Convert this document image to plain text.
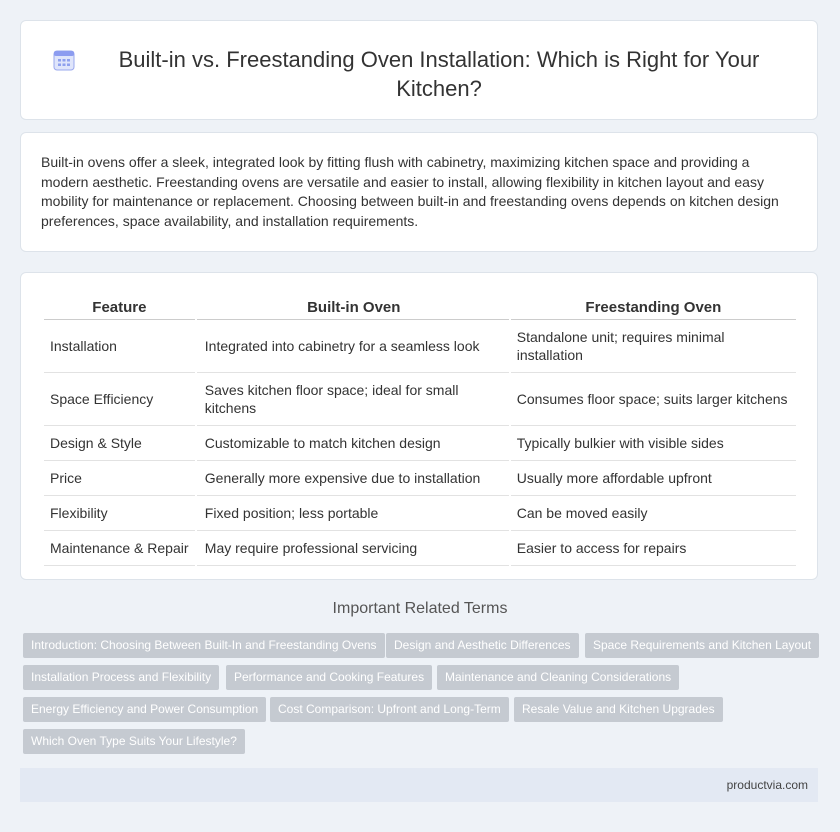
Built-in vs. Freestanding Oven Installation: Which is Right for Your Kitchen?

Built-in ovens offer a sleek, integrated look by fitting flush with cabinetry, maximizing kitchen space and providing a modern aesthetic. Freestanding ovens are versatile and easier to install, allowing flexibility in kitchen layout and easy mobility for maintenance or replacement. Choosing between built-in and freestanding ovens depends on kitchen design preferences, space availability, and installation requirements.

Feature	Built-in Oven	Freestanding Oven
Installation	Integrated into cabinetry for a seamless look	Standalone unit; requires minimal installation
Space Efficiency	Saves kitchen floor space; ideal for small kitchens	Consumes floor space; suits larger kitchens
Design & Style	Customizable to match kitchen design	Typically bulkier with visible sides
Price	Generally more expensive due to installation	Usually more affordable upfront
Flexibility	Fixed position; less portable	Can be moved easily
Maintenance & Repair	May require professional servicing	Easier to access for repairs
Important Related Terms
Introduction: Choosing Between Built-In and Freestanding Ovens	Design and Aesthetic Differences	Space Requirements and Kitchen Layout
Installation Process and Flexibility	Performance and Cooking Features	Maintenance and Cleaning Considerations
Energy Efficiency and Power Consumption	Cost Comparison: Upfront and Long-Term	Resale Value and Kitchen Upgrades
Which Oven Type Suits Your Lifestyle?
productvia.com
